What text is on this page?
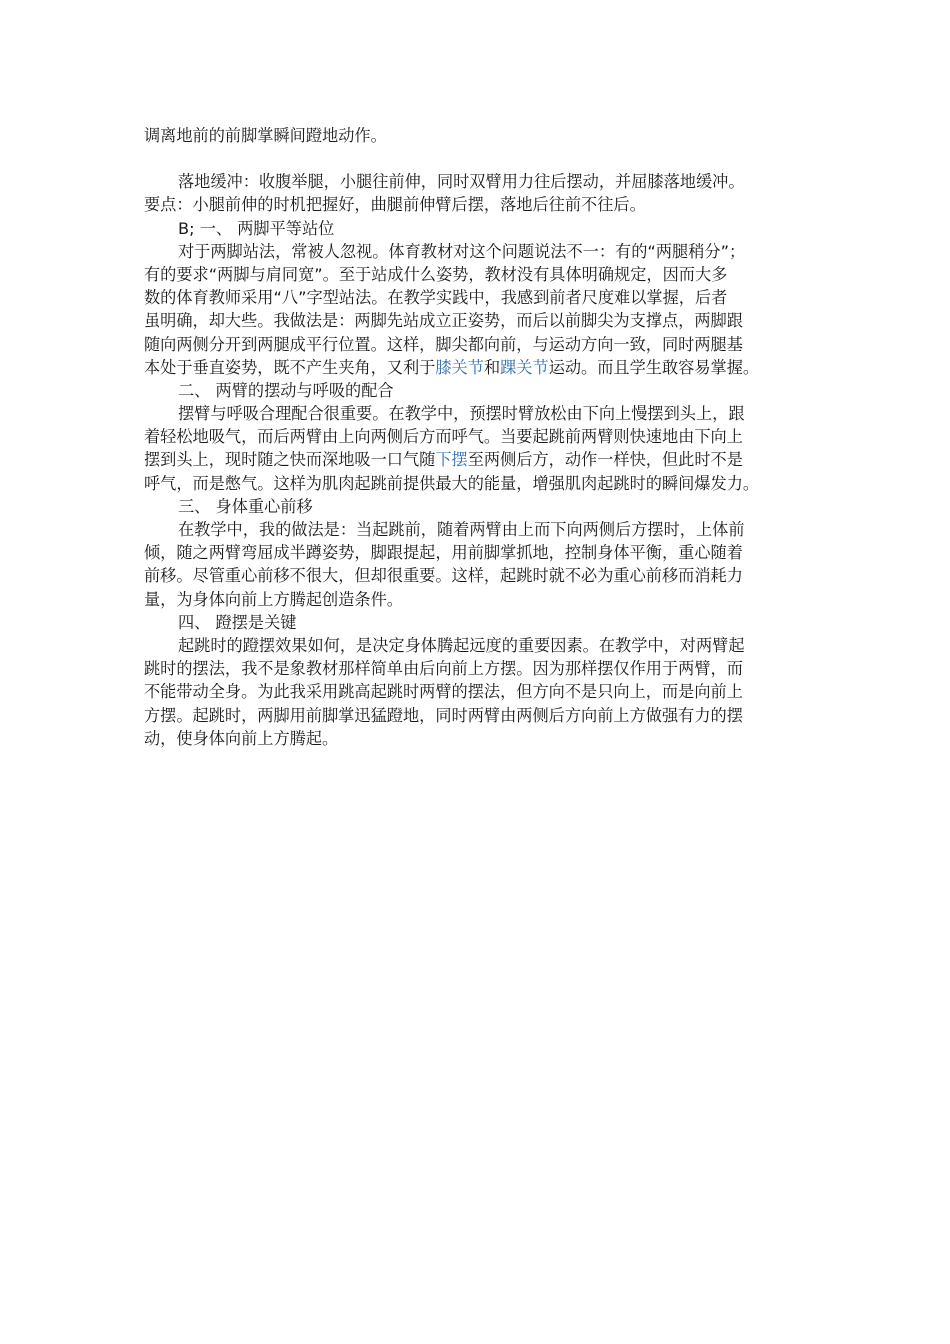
调离地前的前脚掌瞬间蹬地动作。
落地缓冲：收腹举腿，小腿往前伸，同时双臂用力往后摆动，并屈膝落地缓冲。
要点：小腿前伸的时机把握好，曲腿前伸臂后摆，落地后往前不往后。
B; 一、 两脚平等站位
对于两脚站法，常被人忽视。体育教材对这个问题说法不一：有的“两腿稍分”；
有的要求“两脚与肩同宽”。至于站成什么姿势，教材没有具体明确规定，因而大多
数的体育教师采用“八”字型站法。在教学实践中，我感到前者尺度难以掌握，后者
虽明确，却大些。我做法是：两脚先站成立正姿势，而后以前脚尖为支撑点，两脚跟
随向两侧分开到两腿成平行位置。这样，脚尖都向前，与运动方向一致，同时两腿基
本处于垂直姿势，既不产生夹角，又利于膝关节和踝关节运动。而且学生敢容易掌握。
二、 两臂的摆动与呼吸的配合
摆臂与呼吸合理配合很重要。在教学中，预摆时臂放松由下向上慢摆到头上，跟
着轻松地吸气，而后两臂由上向两侧后方而呼气。当要起跳前两臂则快速地由下向上
摆到头上，现时随之快而深地吸一口气随下摆至两侧后方，动作一样快，但此时不是
呼气，而是憋气。这样为肌肉起跳前提供最大的能量，增强肌肉起跳时的瞬间爆发力。
三、 身体重心前移
在教学中，我的做法是：当起跳前，随着两臂由上而下向两侧后方摆时，上体前
倾，随之两臂弯屈成半蹲姿势，脚跟提起，用前脚掌抓地，控制身体平衡，重心随着
前移。尽管重心前移不很大，但却很重要。这样，起跳时就不必为重心前移而消耗力
量，为身体向前上方腾起创造条件。
四、 蹬摆是关键
起跳时的蹬摆效果如何，是决定身体腾起远度的重要因素。在教学中，对两臂起
跳时的摆法，我不是象教材那样简单由后向前上方摆。因为那样摆仅作用于两臂，而
不能带动全身。为此我采用跳高起跳时两臂的摆法，但方向不是只向上，而是向前上
方摆。起跳时，两脚用前脚掌迅猛蹬地，同时两臂由两侧后方向前上方做强有力的摆
动，使身体向前上方腾起。
